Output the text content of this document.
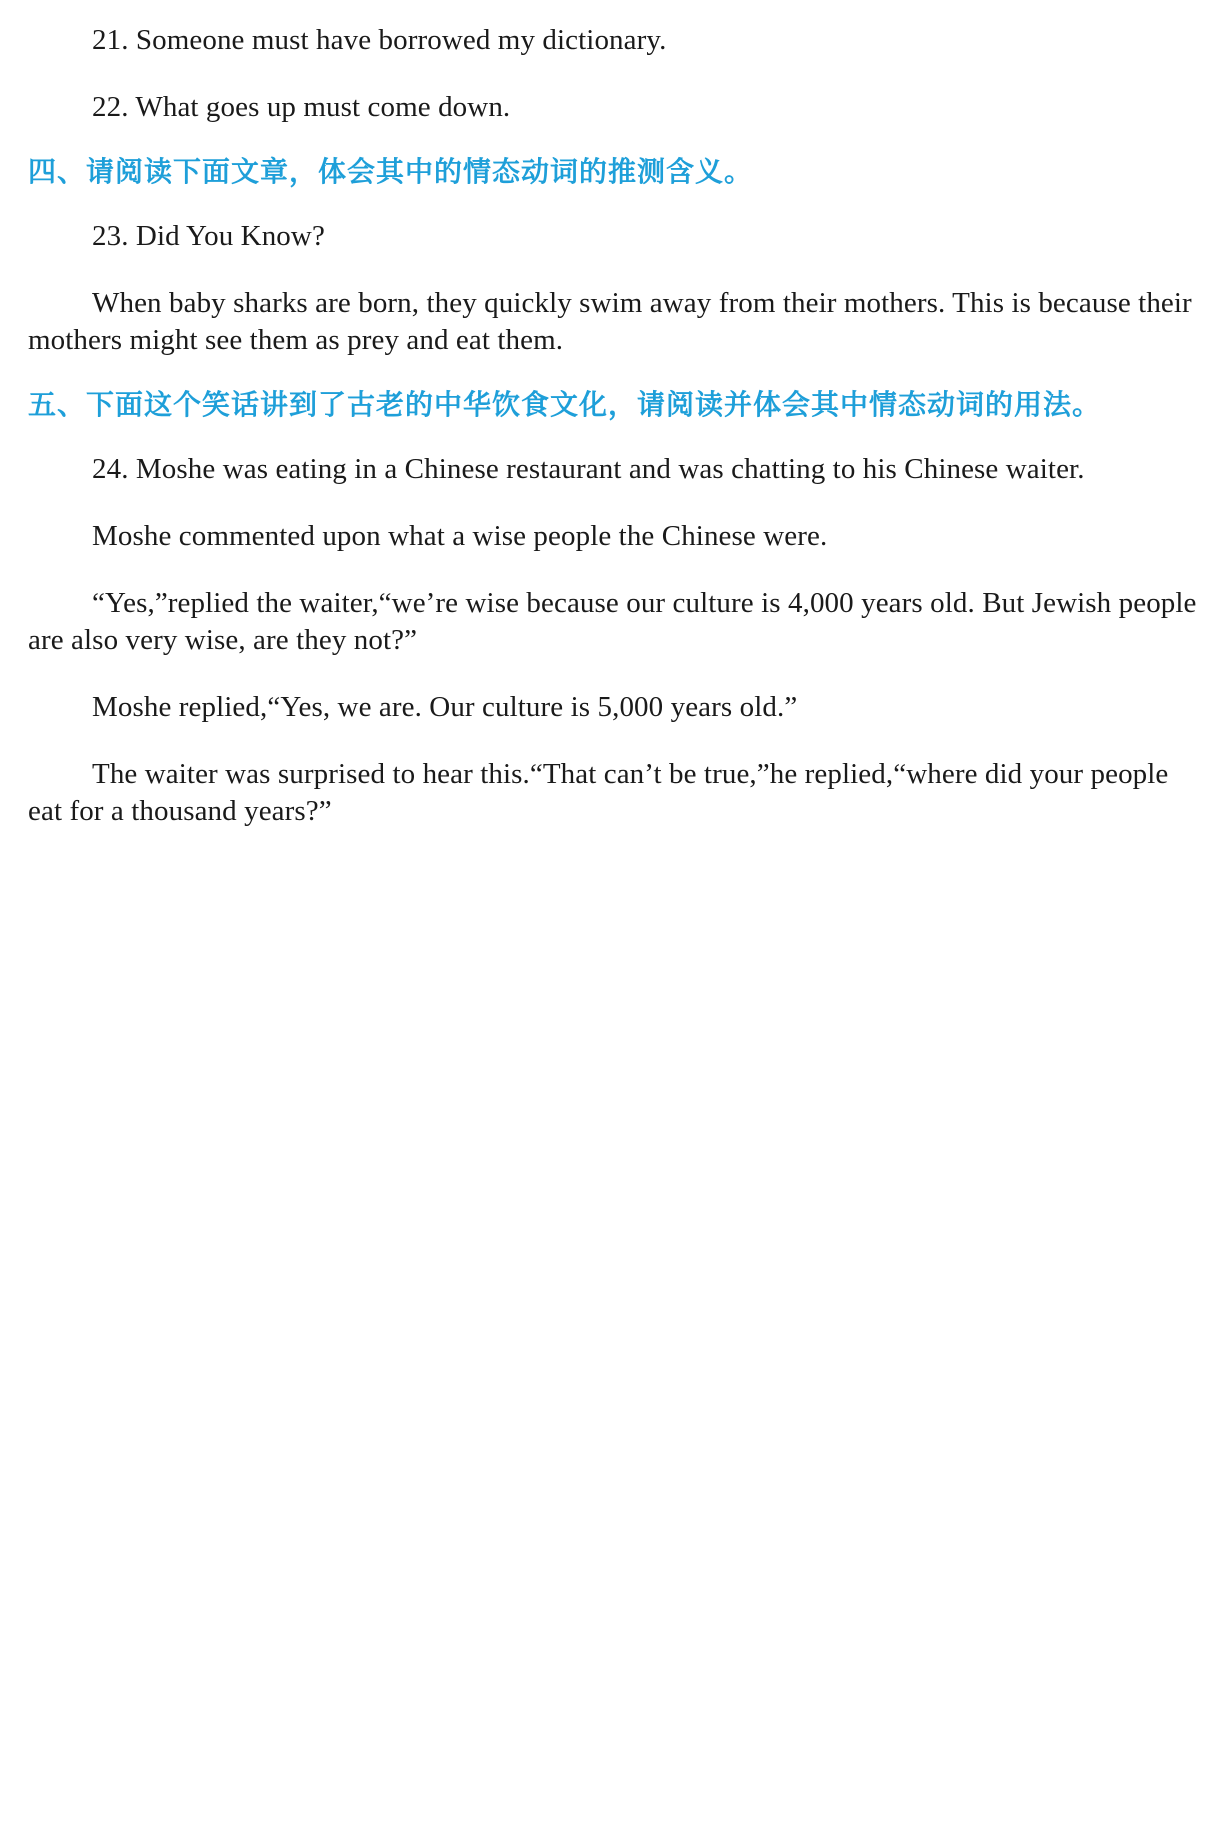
21. Someone must have borrowed my dictionary.

22. What goes up must come down.

四、请阅读下面文章，体会其中的情态动词的推测含义。

23. Did You Know?

When baby sharks are born, they quickly swim away from their mothers. This is because their mothers might see them as prey and eat them.

五、下面这个笑话讲到了古老的中华饮食文化，请阅读并体会其中情态动词的用法。

24. Moshe was eating in a Chinese restaurant and was chatting to his Chinese waiter.

Moshe commented upon what a wise people the Chinese were.

“Yes,”replied the waiter,“we’re wise because our culture is 4,000 years old. But Jewish people are also very wise, are they not?”

Moshe replied,“Yes, we are. Our culture is 5,000 years old.”

The waiter was surprised to hear this.“That can’t be true,”he replied,“where did your people eat for a thousand years?”
